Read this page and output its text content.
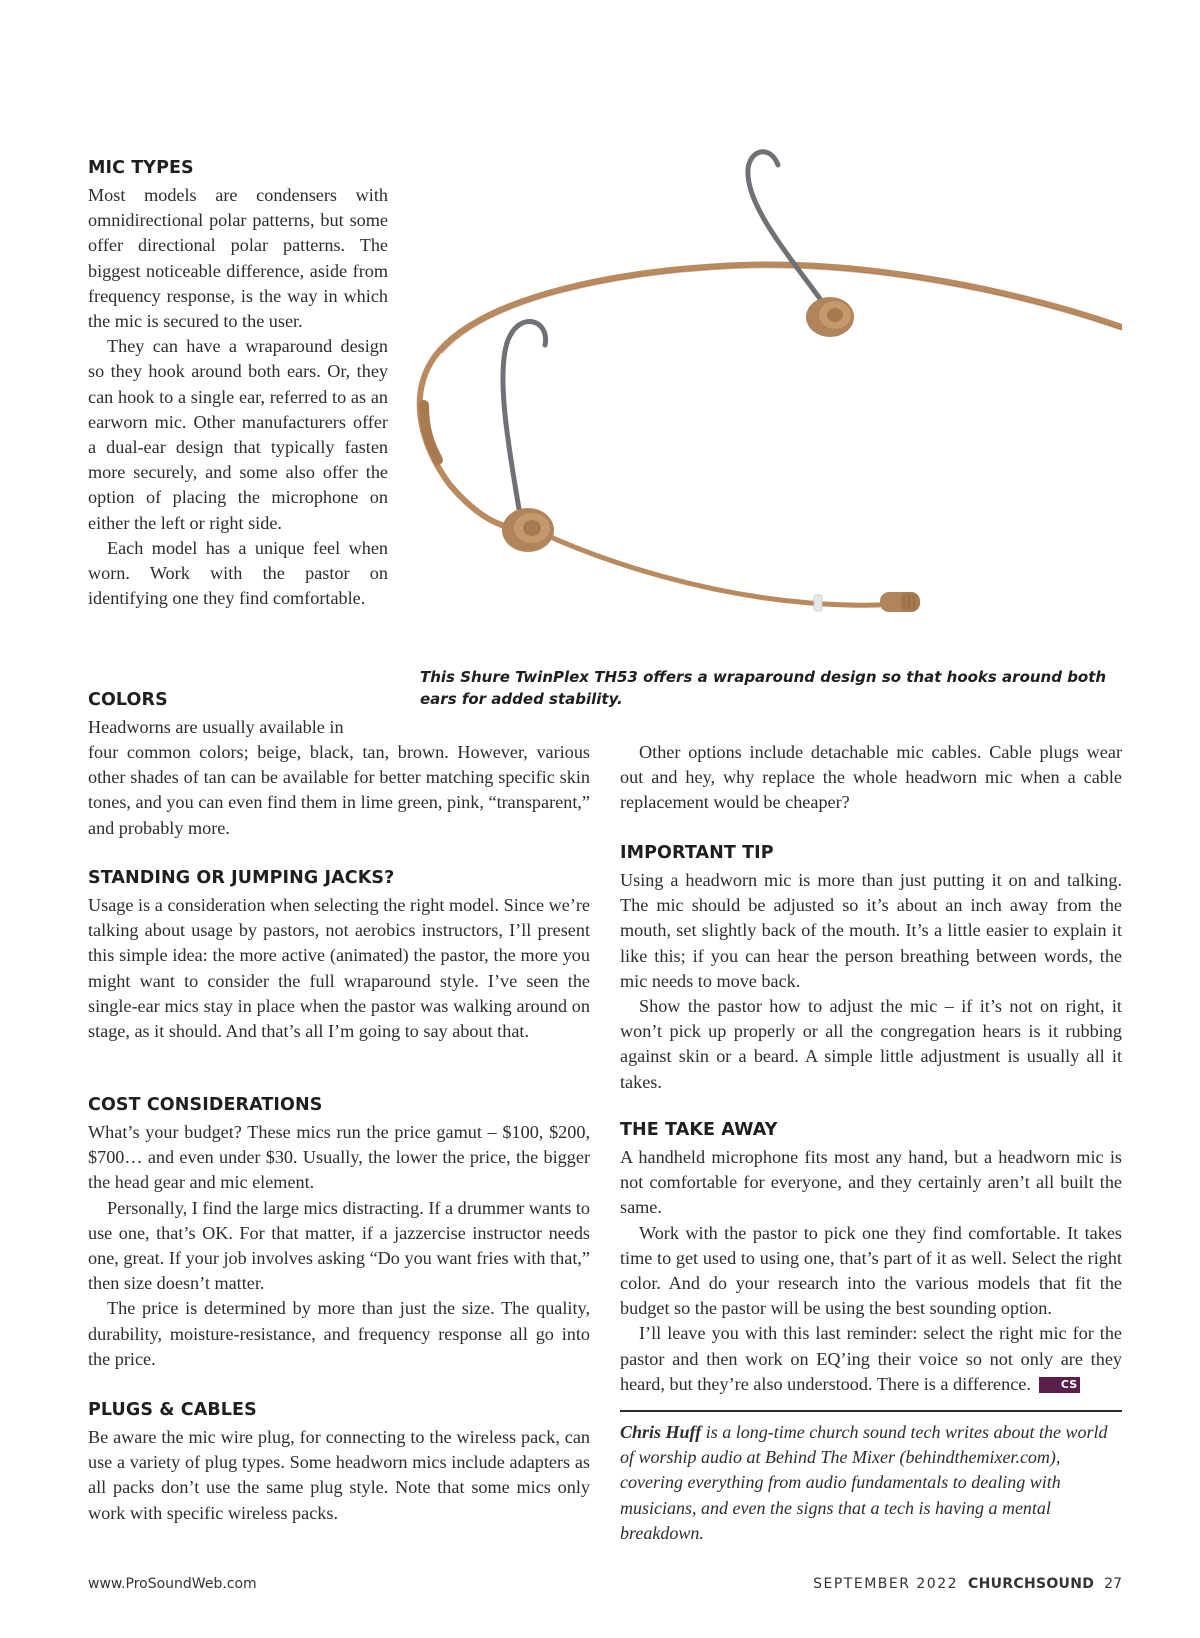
MIC TYPES

Most models are condensers with omnidirectional polar patterns, but some offer directional polar patterns. The biggest noticeable difference, aside from frequency response, is the way in which the mic is secured to the user.

They can have a wraparound design so they hook around both ears. Or, they can hook to a single ear, referred to as an earworn mic. Other manufacturers offer a dual-ear design that typically fasten more securely, and some also offer the option of placing the microphone on either the left or right side.

Each model has a unique feel when worn. Work with the pastor on identifying one they find comfortable.

COLORS

Headworns are usually available in

four common colors; beige, black, tan, brown. However, various other shades of tan can be available for better matching specific skin tones, and you can even find them in lime green, pink, “transparent,” and probably more.

STANDING OR JUMPING JACKS?

Usage is a consideration when selecting the right model. Since we’re talking about usage by pastors, not aerobics instructors, I’ll present this simple idea: the more active (animated) the pastor, the more you might want to consider the full wraparound style. I’ve seen the single-ear mics stay in place when the pastor was walking around on stage, as it should. And that’s all I’m going to say about that.

COST CONSIDERATIONS

What’s your budget? These mics run the price gamut – $100, $200, $700… and even under $30. Usually, the lower the price, the bigger the head gear and mic element.

Personally, I find the large mics distracting. If a drummer wants to use one, that’s OK. For that matter, if a jazzercise instructor needs one, great. If your job involves asking “Do you want fries with that,” then size doesn’t matter.

The price is determined by more than just the size. The quality, durability, moisture-resistance, and frequency response all go into the price.

PLUGS & CABLES

Be aware the mic wire plug, for connecting to the wireless pack, can use a variety of plug types. Some headworn mics include adapters as all packs don’t use the same plug style. Note that some mics only work with specific wireless packs.

This Shure TwinPlex TH53 offers a wraparound design so that hooks around both ears for added stability.

Other options include detachable mic cables. Cable plugs wear out and hey, why replace the whole headworn mic when a cable replacement would be cheaper?

IMPORTANT TIP

Using a headworn mic is more than just putting it on and talking. The mic should be adjusted so it’s about an inch away from the mouth, set slightly back of the mouth. It’s a little easier to explain it like this; if you can hear the person breathing between words, the mic needs to move back.

Show the pastor how to adjust the mic – if it’s not on right, it won’t pick up properly or all the congregation hears is it rubbing against skin or a beard. A simple little adjustment is usually all it takes.

THE TAKE AWAY

A handheld microphone fits most any hand, but a headworn mic is not comfortable for everyone, and they certainly aren’t all built the same.

Work with the pastor to pick one they find comfortable. It takes time to get used to using one, that’s part of it as well. Select the right color. And do your research into the various models that fit the budget so the pastor will be using the best sounding option.

I’ll leave you with this last reminder: select the right mic for the pastor and then work on EQ’ing their voice so not only are they heard, but they’re also understood. There is a difference.	CS

Chris Huff is a long-time church sound tech writes about the world of worship audio at Behind The Mixer (behindthemixer.com), covering everything from audio fundamentals to dealing with musicians, and even the signs that a tech is having a mental breakdown.

www.ProSoundWeb.com	SEPTEMBER 2022 CHURCHSOUND 27
